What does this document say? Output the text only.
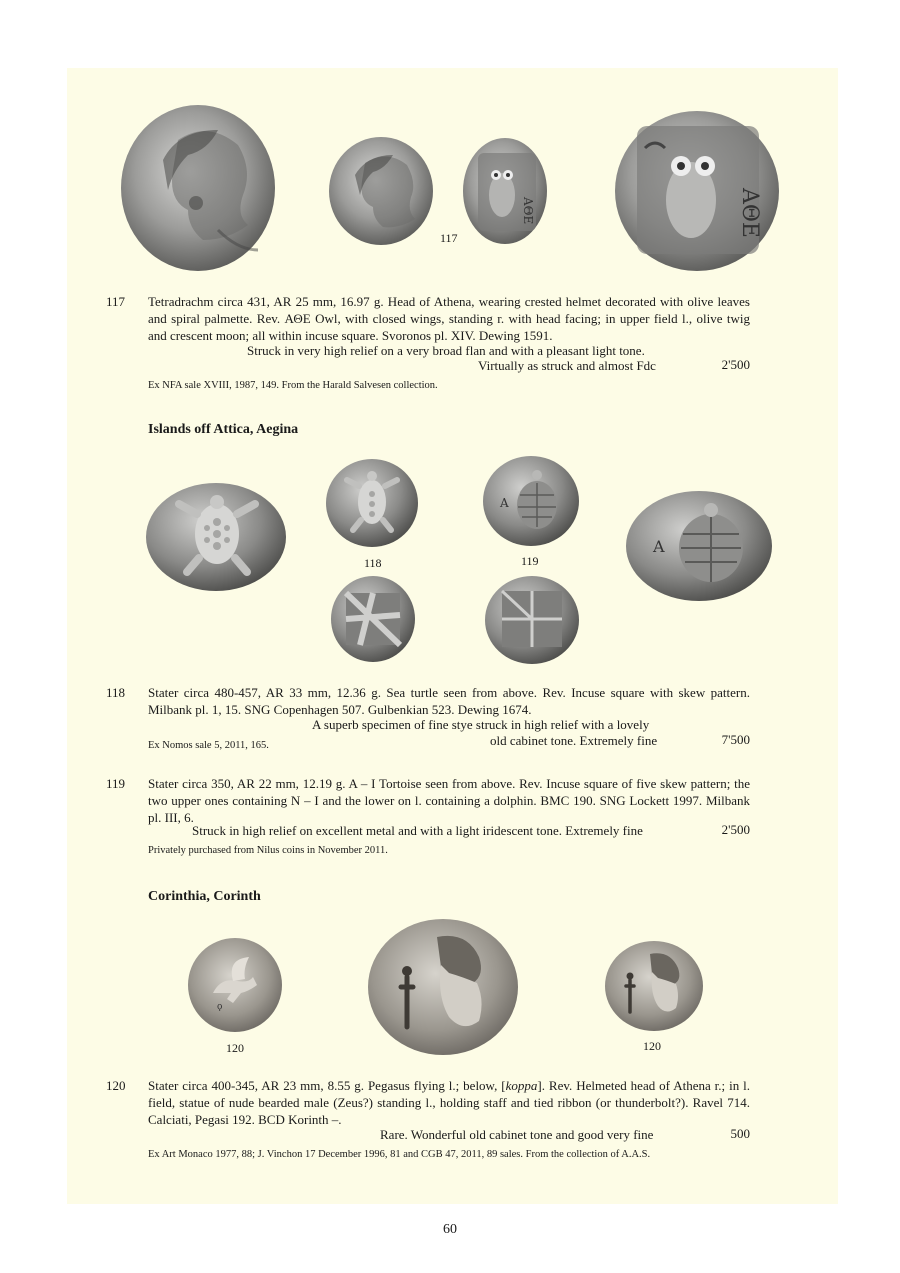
ΑΘΕ	ΑΘΕ
117
117 Tetradrachm circa 431, AR 25 mm, 16.97 g. Head of Athena, wearing crested helmet decorated with olive leaves and spiral palmette. Rev. ΑΘΕ Owl, with closed wings, standing r. with head facing; in upper field l., olive twig and crescent moon; all within incuse square. Svoronos pl. XIV. Dewing 1591.
Struck in very high relief on a very broad flan and with a pleasant light tone.
Virtually as struck and almost Fdc	2'500
Ex NFA sale XVIII, 1987, 149. From the Harald Salvesen collection.
Islands off Attica, Aegina
Α
Α
118	119
118 Stater circa 480-457, AR 33 mm, 12.36 g. Sea turtle seen from above. Rev. Incuse square with skew pattern. Milbank pl. 1, 15. SNG Copenhagen 507. Gulbenkian 523. Dewing 1674.
A superb specimen of fine stye struck in high relief with a lovely
old cabinet tone. Extremely fine	7'500
Ex Nomos sale 5, 2011, 165.
119 Stater circa 350, AR 22 mm, 12.19 g. A – I Tortoise seen from above. Rev. Incuse square of five skew pattern; the two upper ones containing N – I and the lower on l. containing a dolphin. BMC 190. SNG Lockett 1997. Milbank pl. III, 6.
Struck in high relief on excellent metal and with a light iridescent tone. Extremely fine	2'500
Privately purchased from Nilus coins in November 2011.
Corinthia, Corinth
ϙ
120	120
120 Stater circa 400-345, AR 23 mm, 8.55 g. Pegasus flying l.; below, [koppa]. Rev. Helmeted head of Athena r.; in l. field, statue of nude bearded male (Zeus?) standing l., holding staff and tied ribbon (or thunderbolt?). Ravel 714. Calciati, Pegasi 192. BCD Korinth –.
Rare. Wonderful old cabinet tone and good very fine	500
Ex Art Monaco 1977, 88; J. Vinchon 17 December 1996, 81 and CGB 47, 2011, 89 sales. From the collection of A.A.S.
60
